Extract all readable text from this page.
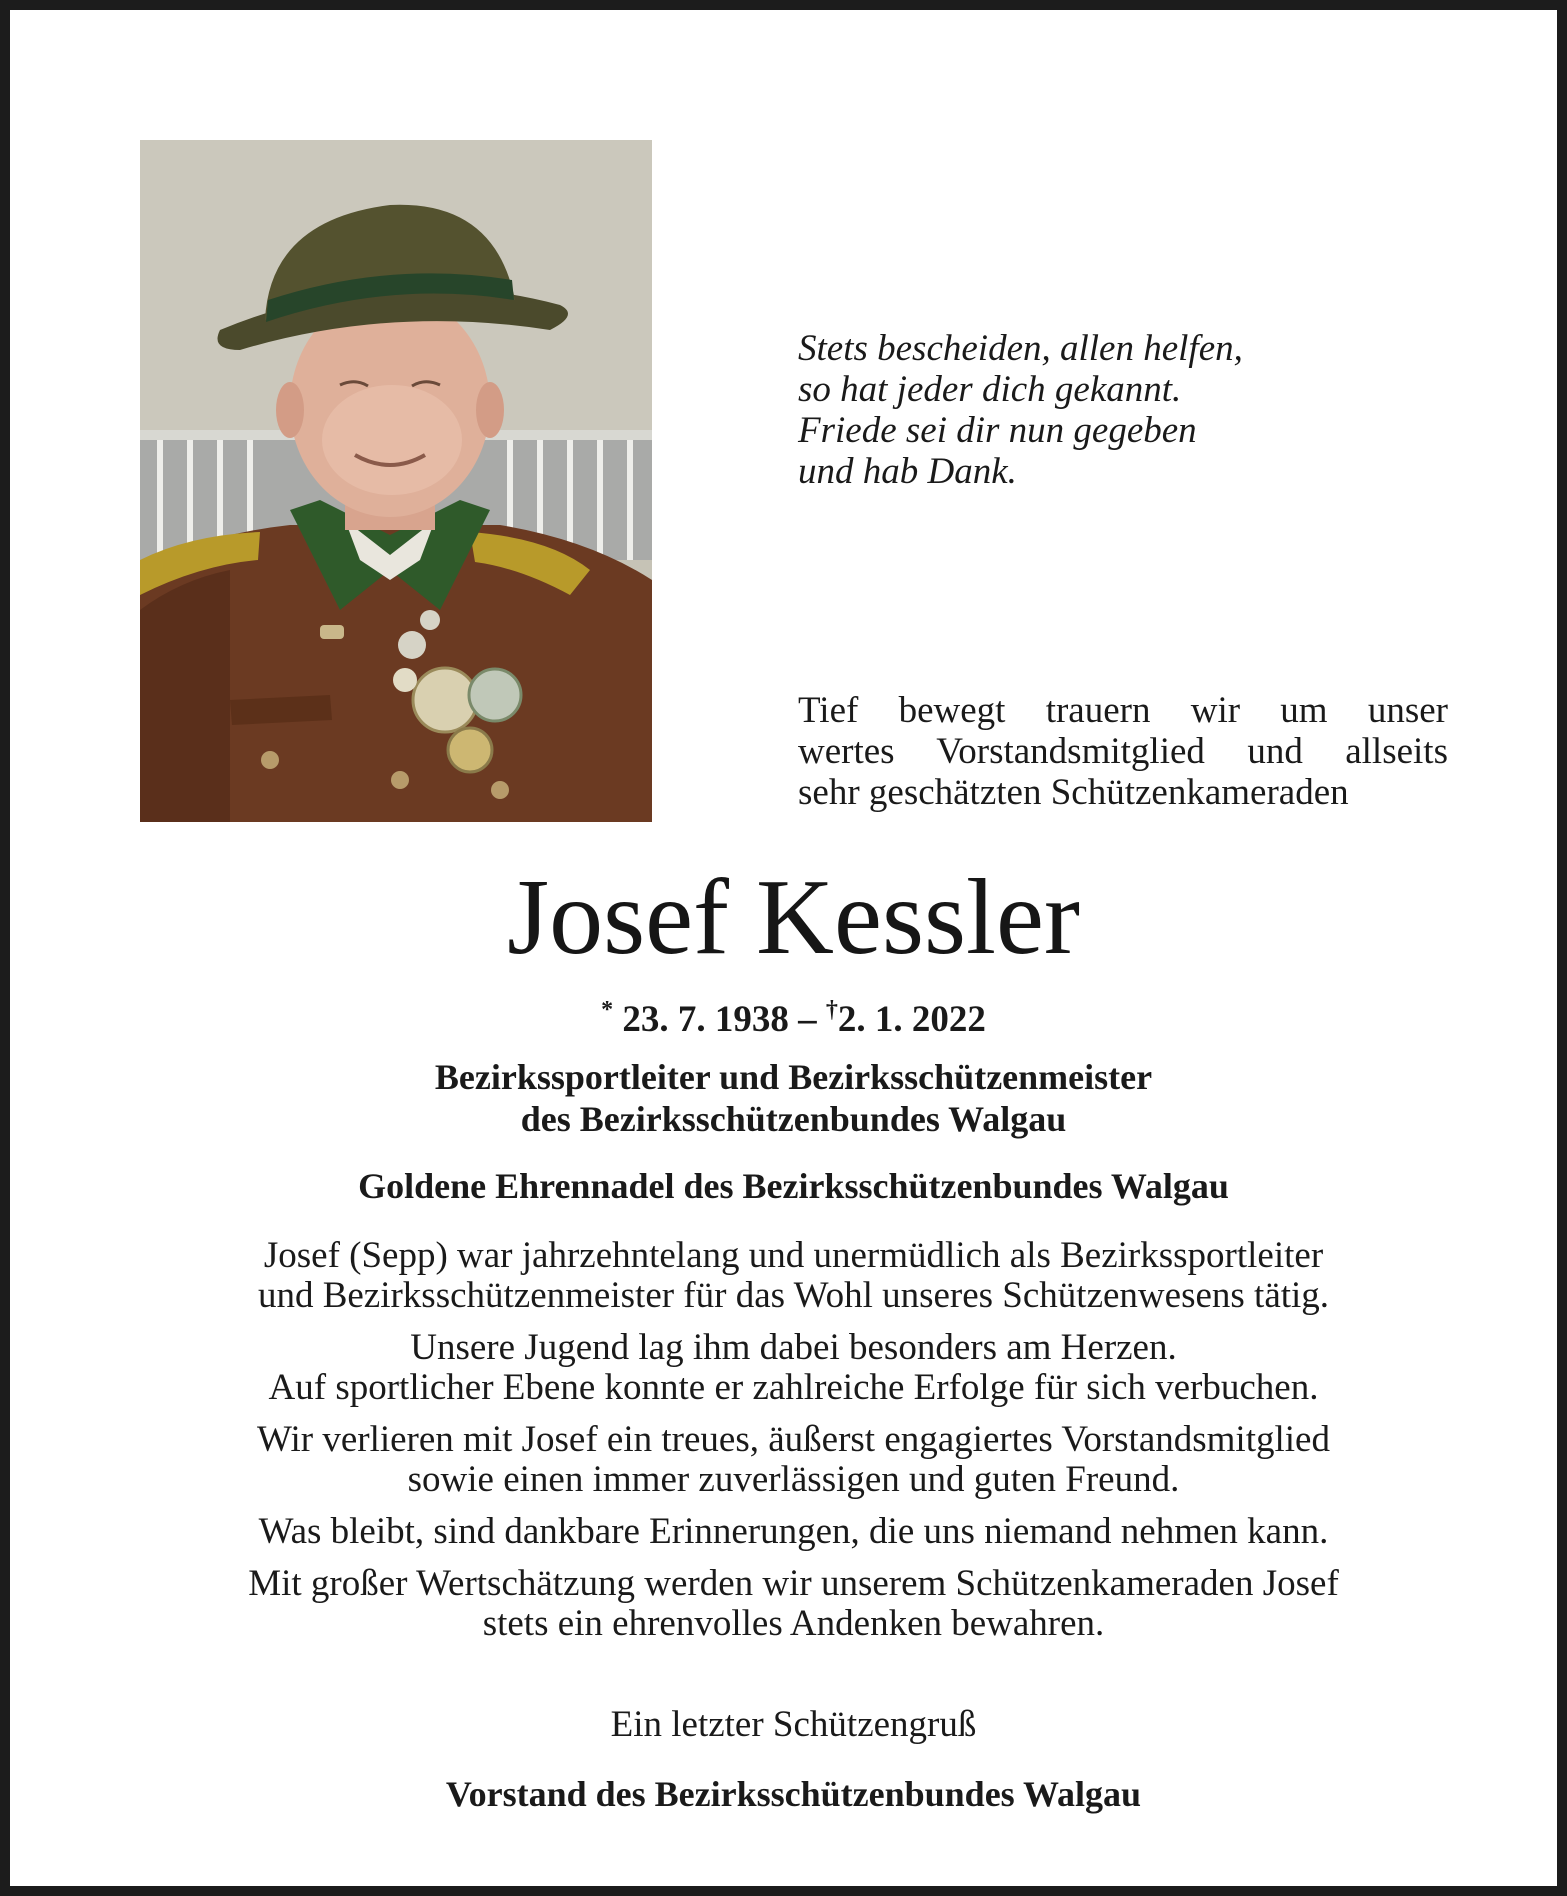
Stets bescheiden, allen helfen,
so hat jeder dich gekannt.
Friede sei dir nun gegeben
und hab Dank.
Tief bewegt trauern wir um unser
wertes Vorstandsmitglied und allseits
sehr geschätzten Schützenkameraden
Josef Kessler
* 23. 7. 1938 – †2. 1. 2022
Bezirkssportleiter und Bezirksschützenmeister
des Bezirksschützenbundes Walgau
Goldene Ehrennadel des Bezirksschützenbundes Walgau
Josef (Sepp) war jahrzehntelang und unermüdlich als Bezirkssportleiter
und Bezirksschützenmeister für das Wohl unseres Schützenwesens tätig.
Unsere Jugend lag ihm dabei besonders am Herzen.
Auf sportlicher Ebene konnte er zahlreiche Erfolge für sich verbuchen.
Wir verlieren mit Josef ein treues, äußerst engagiertes Vorstandsmitglied
sowie einen immer zuverlässigen und guten Freund.
Was bleibt, sind dankbare Erinnerungen, die uns niemand nehmen kann.
Mit großer Wertschätzung werden wir unserem Schützenkameraden Josef
stets ein ehrenvolles Andenken bewahren.
Ein letzter Schützengruß
Vorstand des Bezirksschützenbundes Walgau
